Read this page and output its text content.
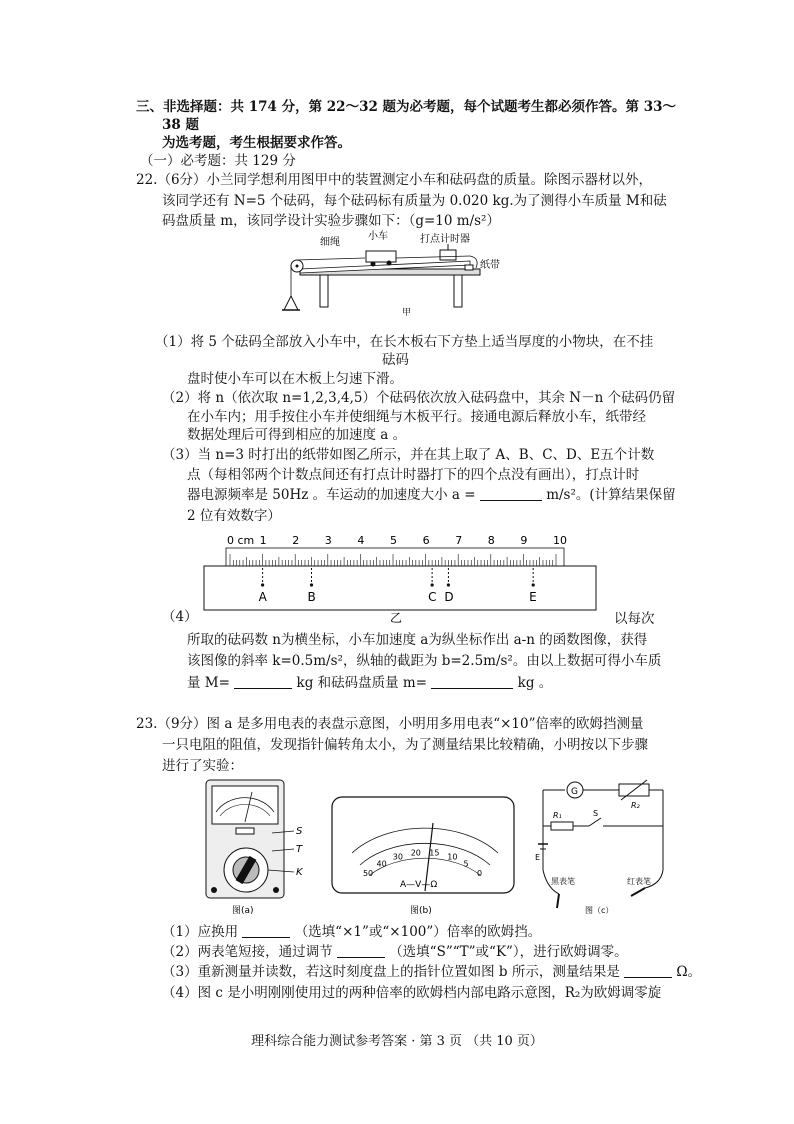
三、非选择题：共 174 分，第 22～32 题为必考题，每个试题考生都必须作答。第 33～
38 题
为选考题，考生根据要求作答。
（一）必考题：共 129 分
22.（6分）小兰同学想利用图甲中的装置测定小车和砝码盘的质量。除图示器材以外，
该同学还有 N=5 个砝码，每个砝码标有质量为 0.020 kg.为了测得小车质量 M和砝
码盘质量 m，该同学设计实验步骤如下：（g=10 m/s²）
细绳
小车	打点计时器
纸带
甲
（1）将 5 个砝码全部放入小车中，在长木板右下方垫上适当厚度的小物块，在不挂
砝码
盘时使小车可以在木板上匀速下滑。
（2）将 n（依次取 n=1,2,3,4,5）个砝码依次放入砝码盘中，其余 N－n 个砝码仍留
在小车内；用手按住小车并使细绳与木板平行。接通电源后释放小车，纸带经
数据处理后可得到相应的加速度 a 。
（3）当 n=3 时打出的纸带如图乙所示，并在其上取了 A、B、C、D、E五个计数
点（每相邻两个计数点间还有打点计时器打下的四个点没有画出），打点计时
器电源频率是 50Hz 。车运动的加速度大小 a =	m/s²。(计算结果保留
2 位有效数字）
0 cm 1 2 3 4 5 6 7 8 9 10
A	B	C D	E
乙
（4）	以每次
所取的砝码数 n为横坐标，小车加速度 a为纵坐标作出 a-n 的函数图像，获得
该图像的斜率 k=0.5m/s²，纵轴的截距为 b=2.5m/s²。由以上数据可得小车质
量 M=	kg 和砝码盘质量 m=	kg 。
23.（9分）图 a 是多用电表的表盘示意图，小明用多用电表“×10”倍率的欧姆挡测量
一只电阻的阻值，发现指针偏转角太小，为了测量结果比较精确，小明按以下步骤
进行了实验：
S
T
K
图(a)
50
40
30 20 15 10
5
0
A—V—Ω
图(b)
G
R₂
R₁	S
E
黑表笔	红表笔
图（c）
（1）应换用	（选填“×1”或“×100”）倍率的欧姆挡。
（2）两表笔短接，通过调节	（选填“S”“T”或“K”），进行欧姆调零。
（3）重新测量并读数，若这时刻度盘上的指针位置如图 b 所示，测量结果是	Ω。
（4）图 c 是小明刚刚使用过的两种倍率的欧姆档内部电路示意图，R₂为欧姆调零旋
理科综合能力测试参考答案 · 第 3 页 （共 10 页）
